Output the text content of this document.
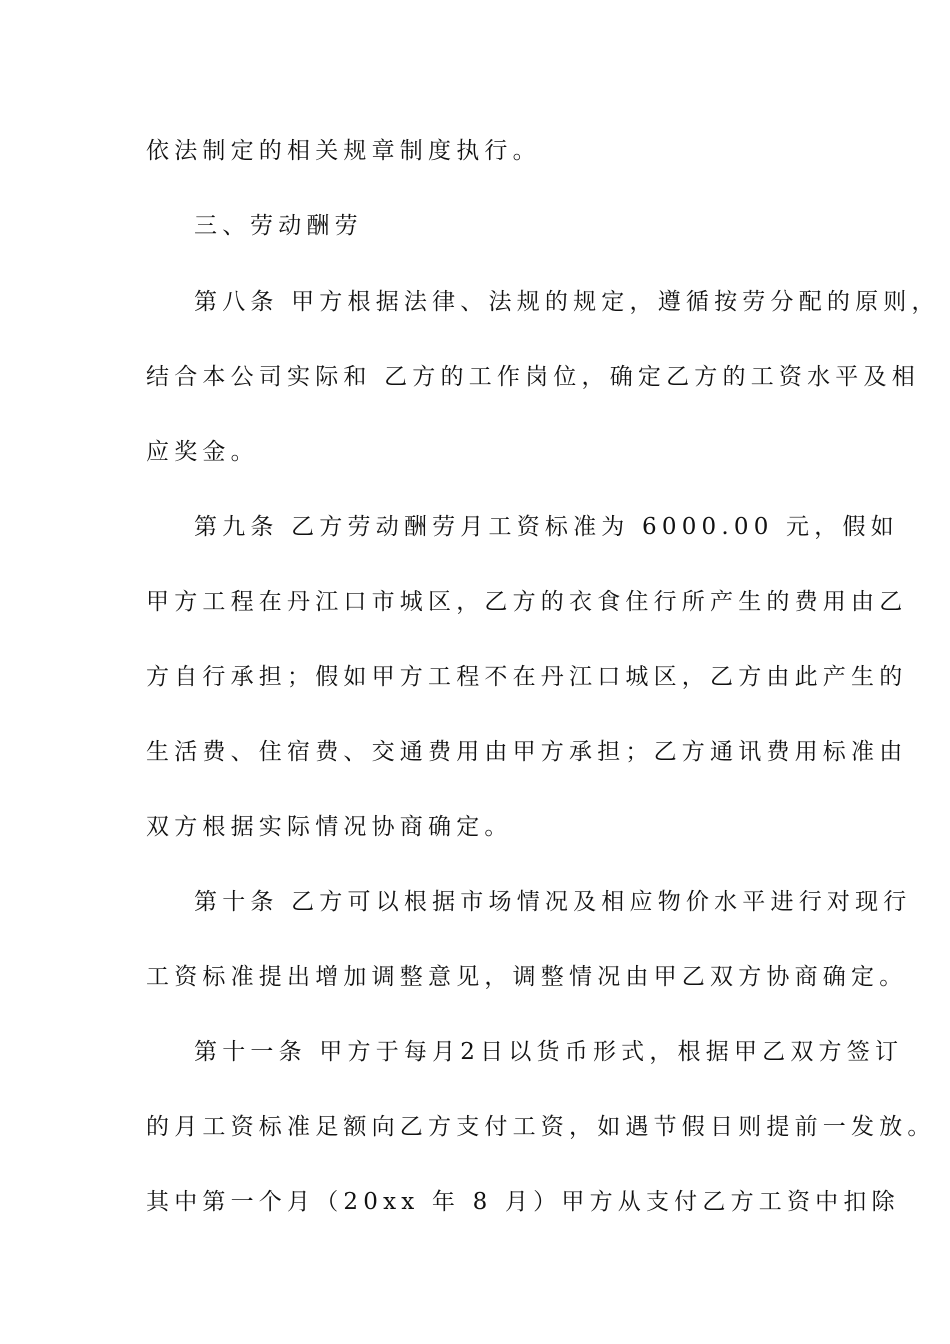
依法制定的相关规章制度执行。
三、劳动酬劳
第八条 甲方根据法律、法规的规定，遵循按劳分配的原则，
结合本公司实际和 乙方的工作岗位，确定乙方的工资水平及相
应奖金。
第九条 乙方劳动酬劳月工资标准为 6000.00 元，假如
甲方工程在丹江口市城区，乙方的衣食住行所产生的费用由乙
方自行承担；假如甲方工程不在丹江口城区，乙方由此产生的
生活费、住宿费、交通费用由甲方承担；乙方通讯费用标准由
双方根据实际情况协商确定。
第十条 乙方可以根据市场情况及相应物价水平进行对现行
工资标准提出增加调整意见，调整情况由甲乙双方协商确定。
第十一条 甲方于每月2日以货币形式，根据甲乙双方签订
的月工资标准足额向乙方支付工资，如遇节假日则提前一发放。
其中第一个月（20xx 年 8 月）甲方从支付乙方工资中扣除
